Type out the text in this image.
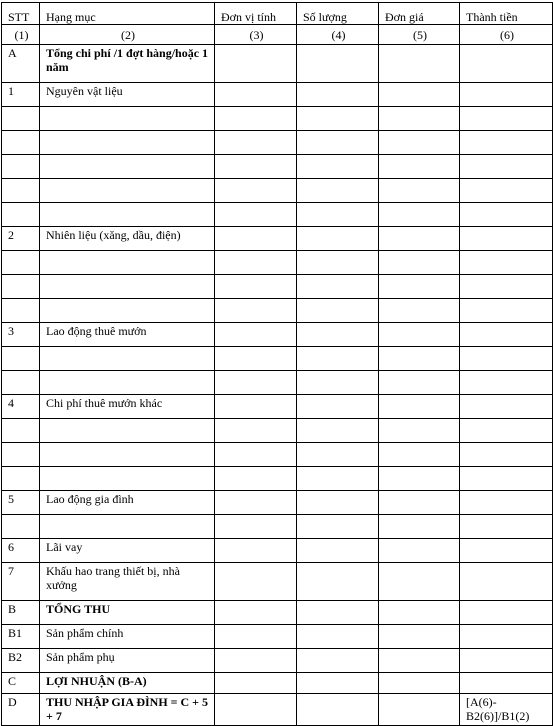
STT	Hạng mục	Đơn vị tính	Số lượng	Đơn giá	Thành tiền
(1)	(2)	(3)	(4)	(5)	(6)
A	Tổng chi phí /1 đợt hàng/hoặc 1 năm				
1	Nguyên vật liệu				

2	Nhiên liệu (xăng, dầu, điện)				

3	Lao động thuê mướn				

4	Chi phí thuê mướn khác				

5	Lao động gia đình				

6	Lãi vay				
7	Khấu hao trang thiết bị, nhà xưởng				
B	TỔNG THU				
B1	Sản phẩm chính				
B2	Sản phẩm phụ				
C	LỢI NHUẬN (B-A)				
D	THU NHẬP GIA ĐÌNH = C + 5 + 7				[A(6)-B2(6)]/B1(2)
